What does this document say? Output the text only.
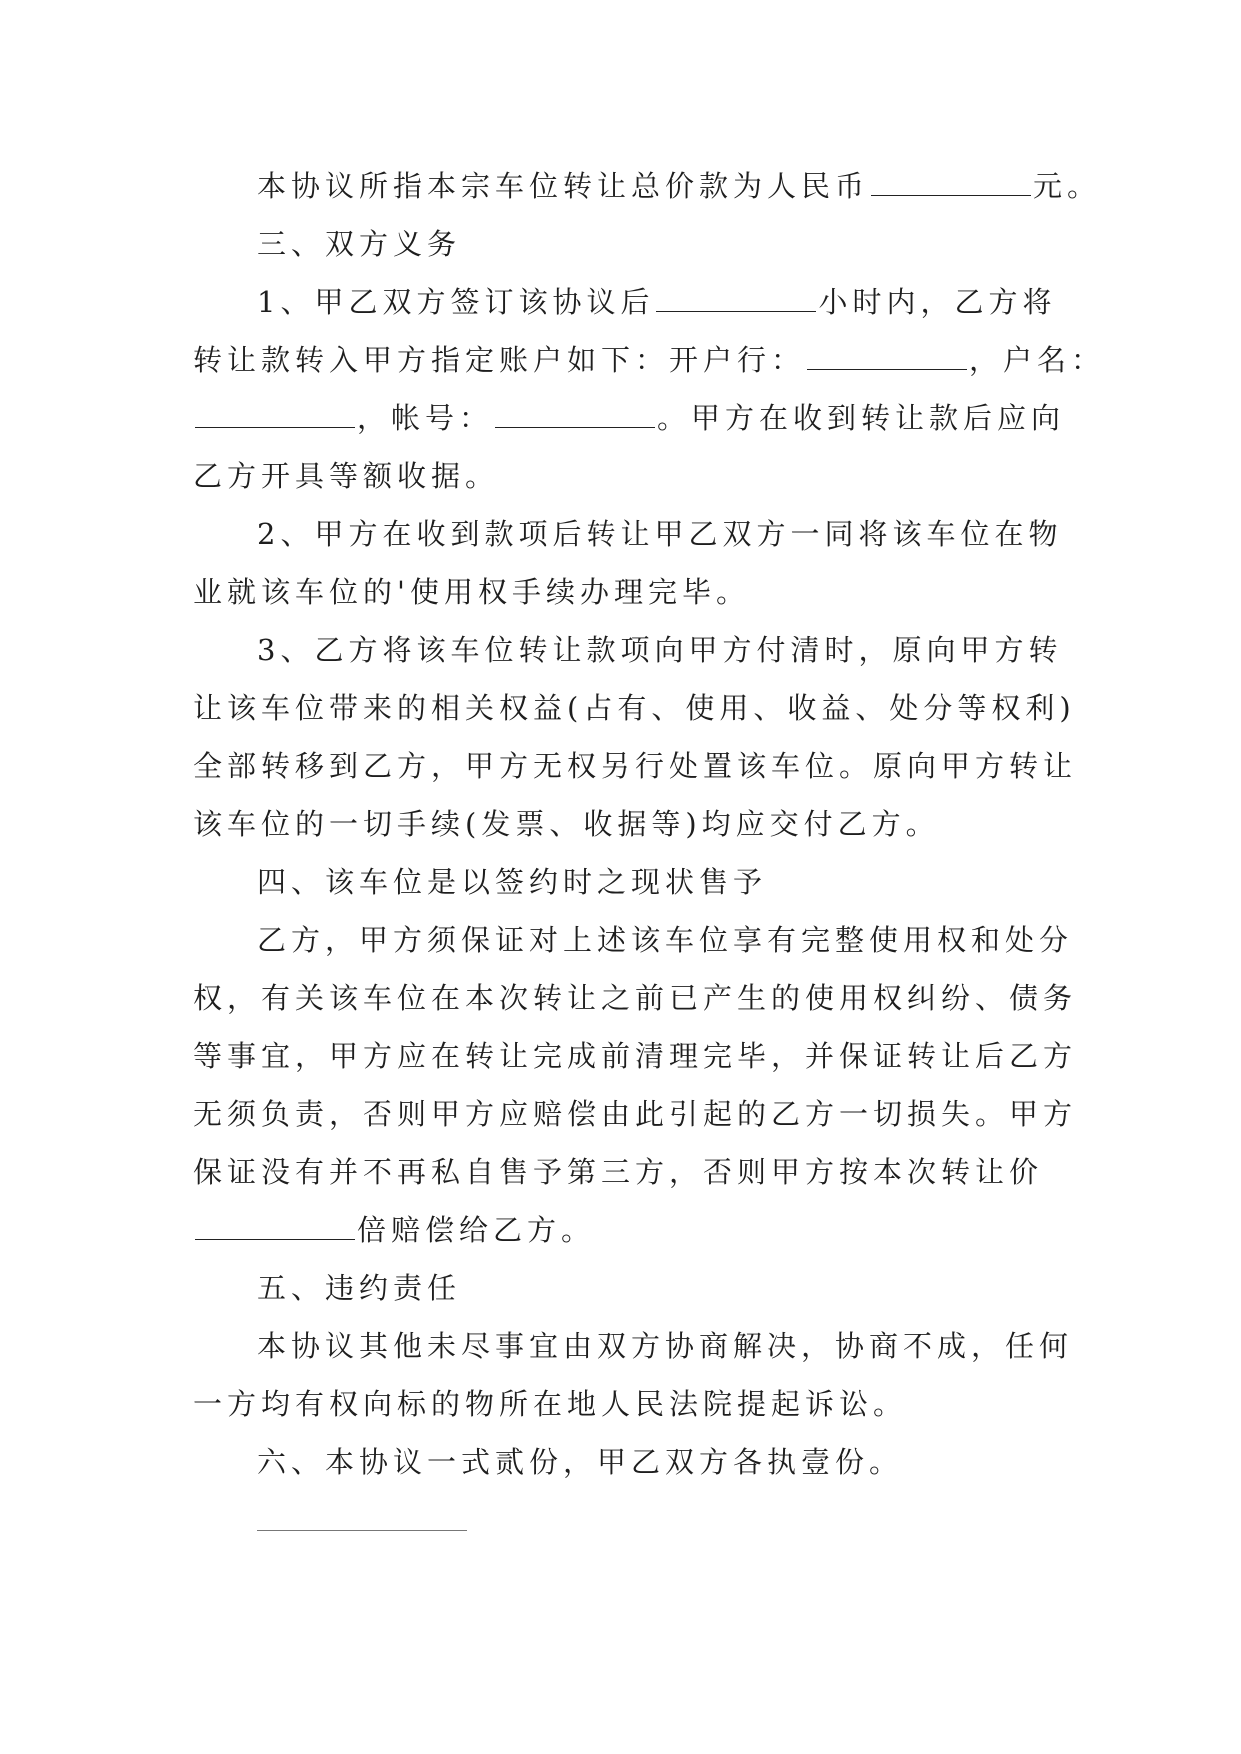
本协议所指本宗车位转让总价款为人民币	元。
三、双方义务
1、甲乙双方签订该协议后	小时内，乙方将
转让款转入甲方指定账户如下：开户行：	，户名：
，帐号：	。甲方在收到转让款后应向
乙方开具等额收据。
2、甲方在收到款项后转让甲乙双方一同将该车位在物
业就该车位的'使用权手续办理完毕。
3、乙方将该车位转让款项向甲方付清时，原向甲方转
让该车位带来的相关权益(占有、使用、收益、处分等权利)
全部转移到乙方，甲方无权另行处置该车位。原向甲方转让
该车位的一切手续(发票、收据等)均应交付乙方。
四、该车位是以签约时之现状售予
乙方，甲方须保证对上述该车位享有完整使用权和处分
权，有关该车位在本次转让之前已产生的使用权纠纷、债务
等事宜，甲方应在转让完成前清理完毕，并保证转让后乙方
无须负责，否则甲方应赔偿由此引起的乙方一切损失。甲方
保证没有并不再私自售予第三方，否则甲方按本次转让价
倍赔偿给乙方。
五、违约责任
本协议其他未尽事宜由双方协商解决，协商不成，任何
一方均有权向标的物所在地人民法院提起诉讼。
六、本协议一式贰份，甲乙双方各执壹份。
